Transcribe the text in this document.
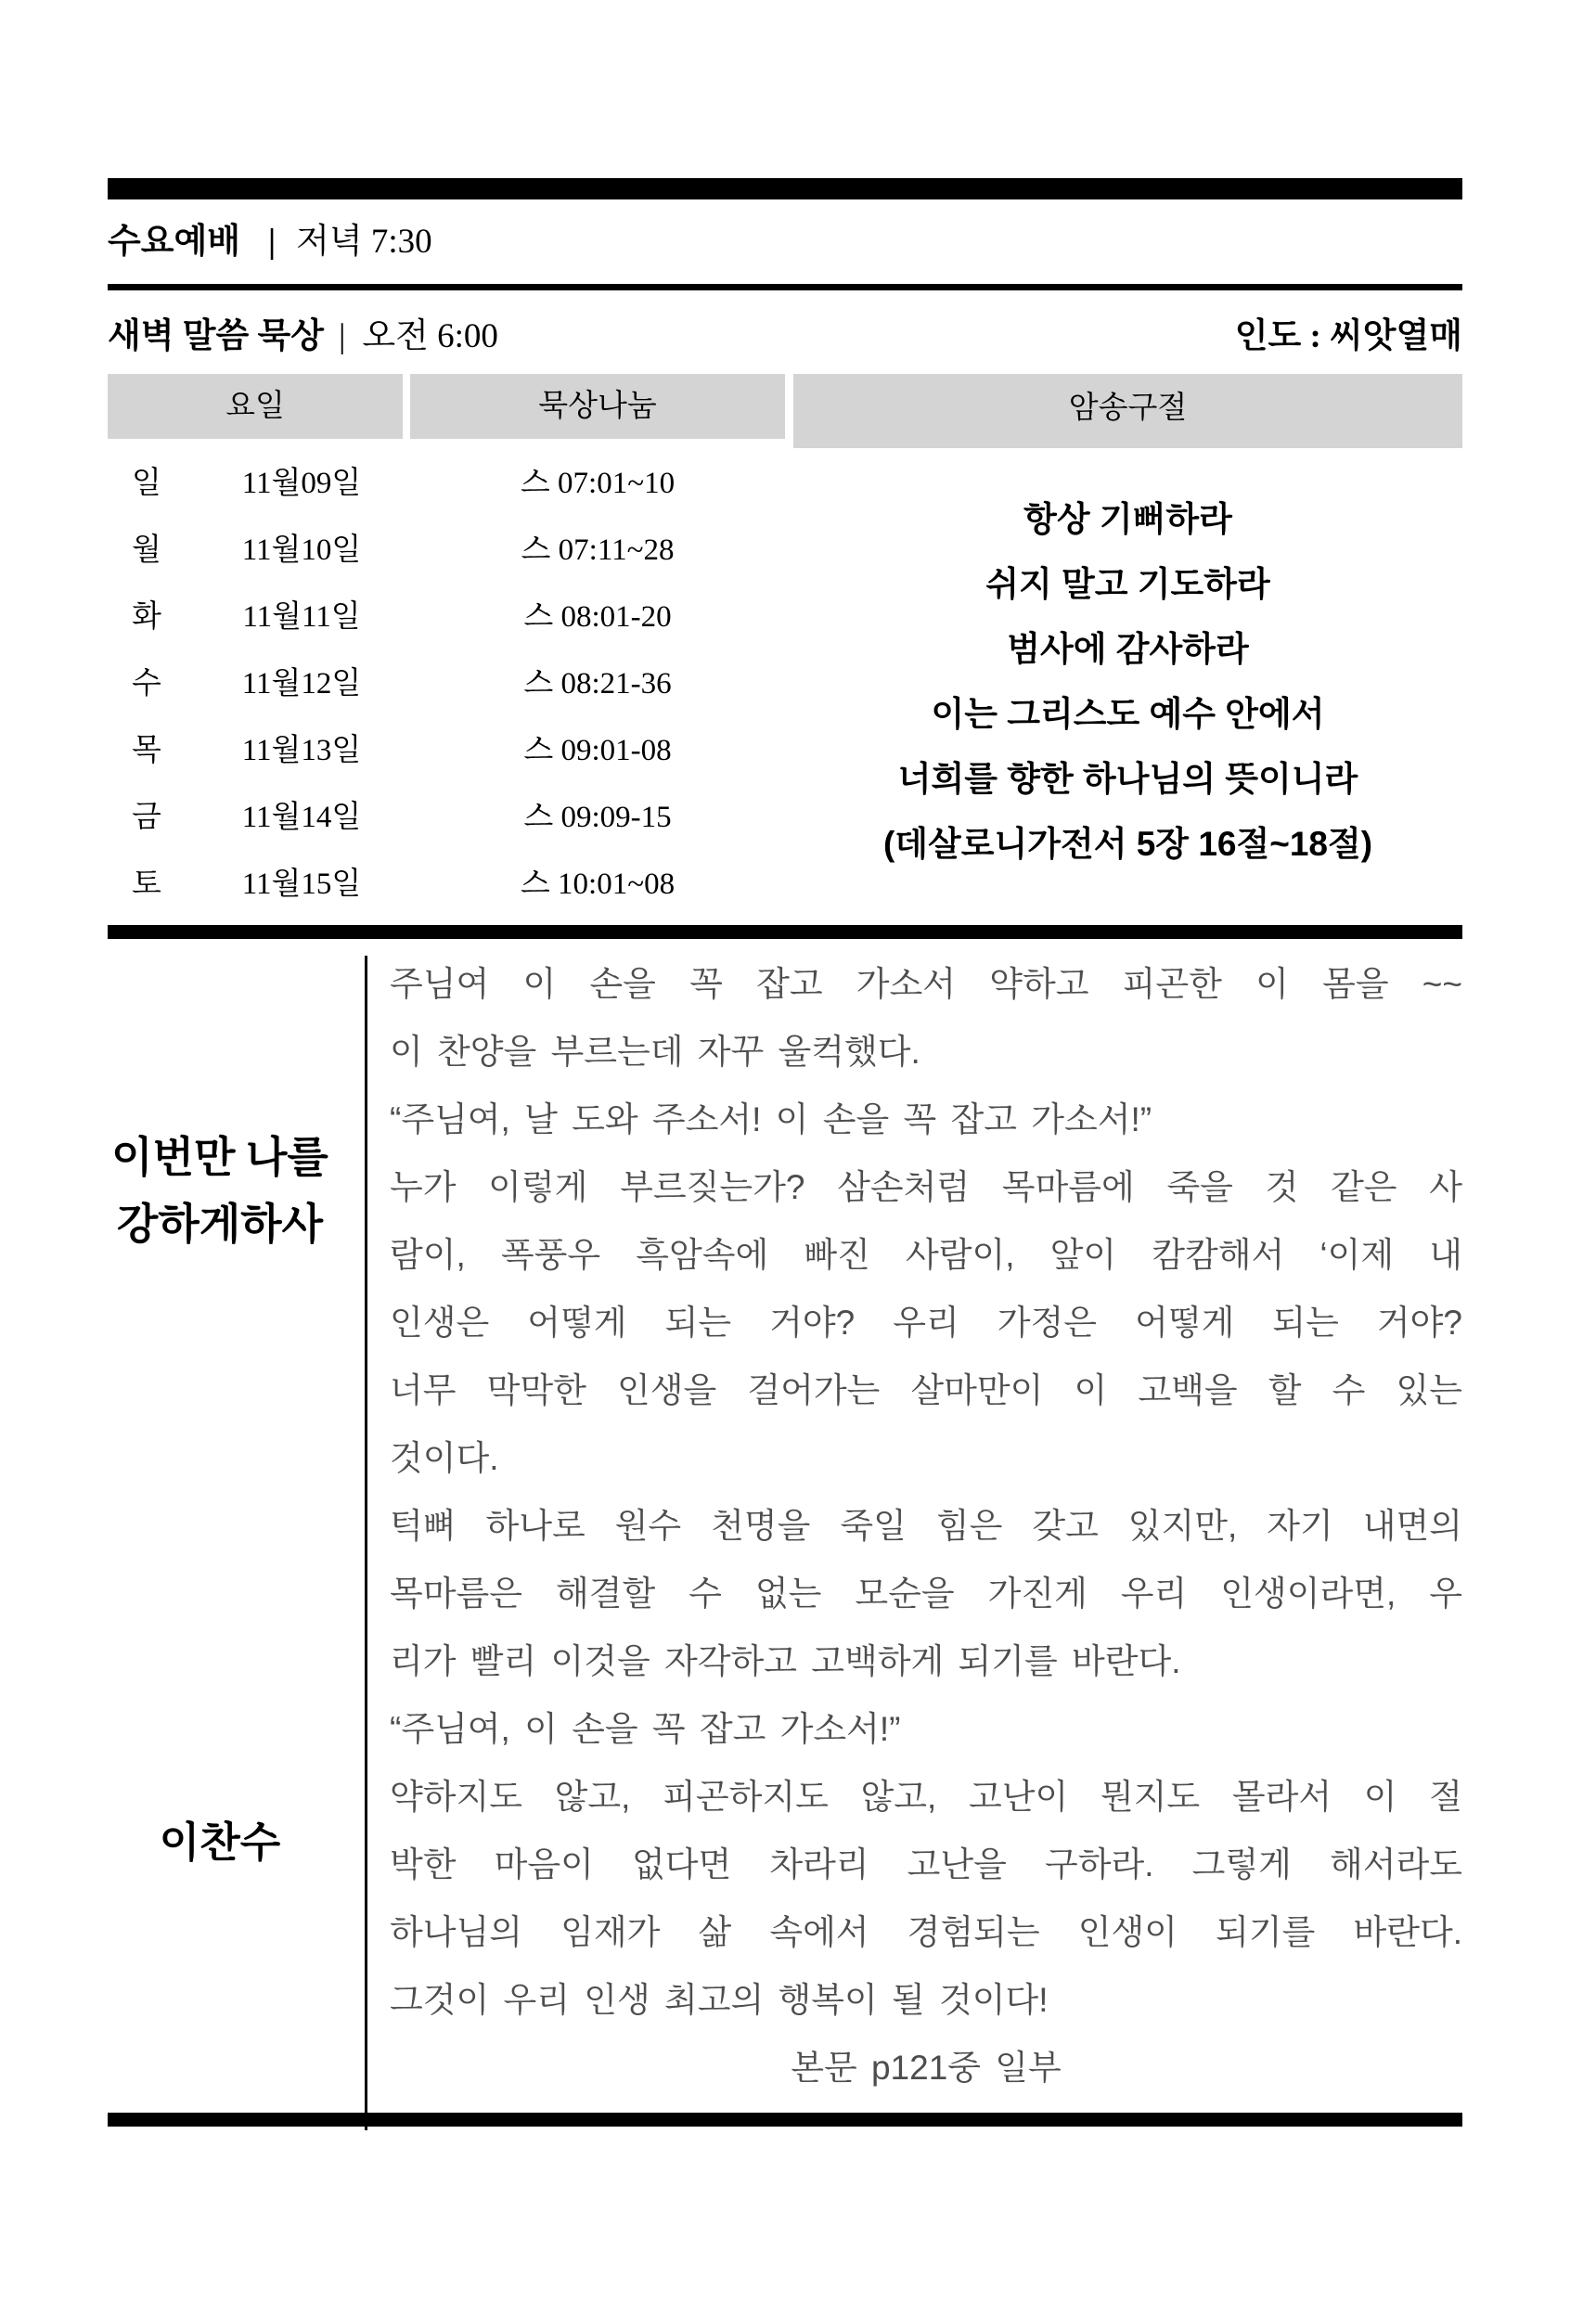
수요예배 | 저녁 7:30
새벽 말씀 묵상 | 오전 6:00	인도 : 씨앗열매
요일	묵상나눔	암송구절
일	11월09일	스 07:01~10
월	11월10일	스 07:11~28
화	11월11일	스 08:01-20
수	11월12일	스 08:21-36
목	11월13일	스 09:01-08
금	11월14일	스 09:09-15
토	11월15일	스 10:01~08
항상 기뻐하라
쉬지 말고 기도하라
범사에 감사하라
이는 그리스도 예수 안에서
너희를 향한 하나님의 뜻이니라
(데살로니가전서 5장 16절~18절)
이번만 나를
강하게하사
이찬수
주님여 이 손을 꼭 잡고 가소서 약하고 피곤한 이 몸을 ~~
이 찬양을 부르는데 자꾸 울컥했다.
“주님여, 날 도와 주소서! 이 손을 꼭 잡고 가소서!”
누가 이렇게 부르짖는가? 삼손처럼 목마름에 죽을 것 같은 사
람이, 폭풍우 흑암속에 빠진 사람이, 앞이 캄캄해서 ‘이제 내
인생은 어떻게 되는 거야? 우리 가정은 어떻게 되는 거야?
너무 막막한 인생을 걸어가는 살마만이 이 고백을 할 수 있는
것이다.
턱뼈 하나로 원수 천명을 죽일 힘은 갖고 있지만, 자기 내면의
목마름은 해결할 수 없는 모순을 가진게 우리 인생이라면, 우
리가 빨리 이것을 자각하고 고백하게 되기를 바란다.
“주님여, 이 손을 꼭 잡고 가소서!”
약하지도 않고, 피곤하지도 않고, 고난이 뭔지도 몰라서 이 절
박한 마음이 없다면 차라리 고난을 구하라. 그렇게 해서라도
하나님의 임재가 삶 속에서 경험되는 인생이 되기를 바란다.
그것이 우리 인생 최고의 행복이 될 것이다!
본문 p121중 일부
